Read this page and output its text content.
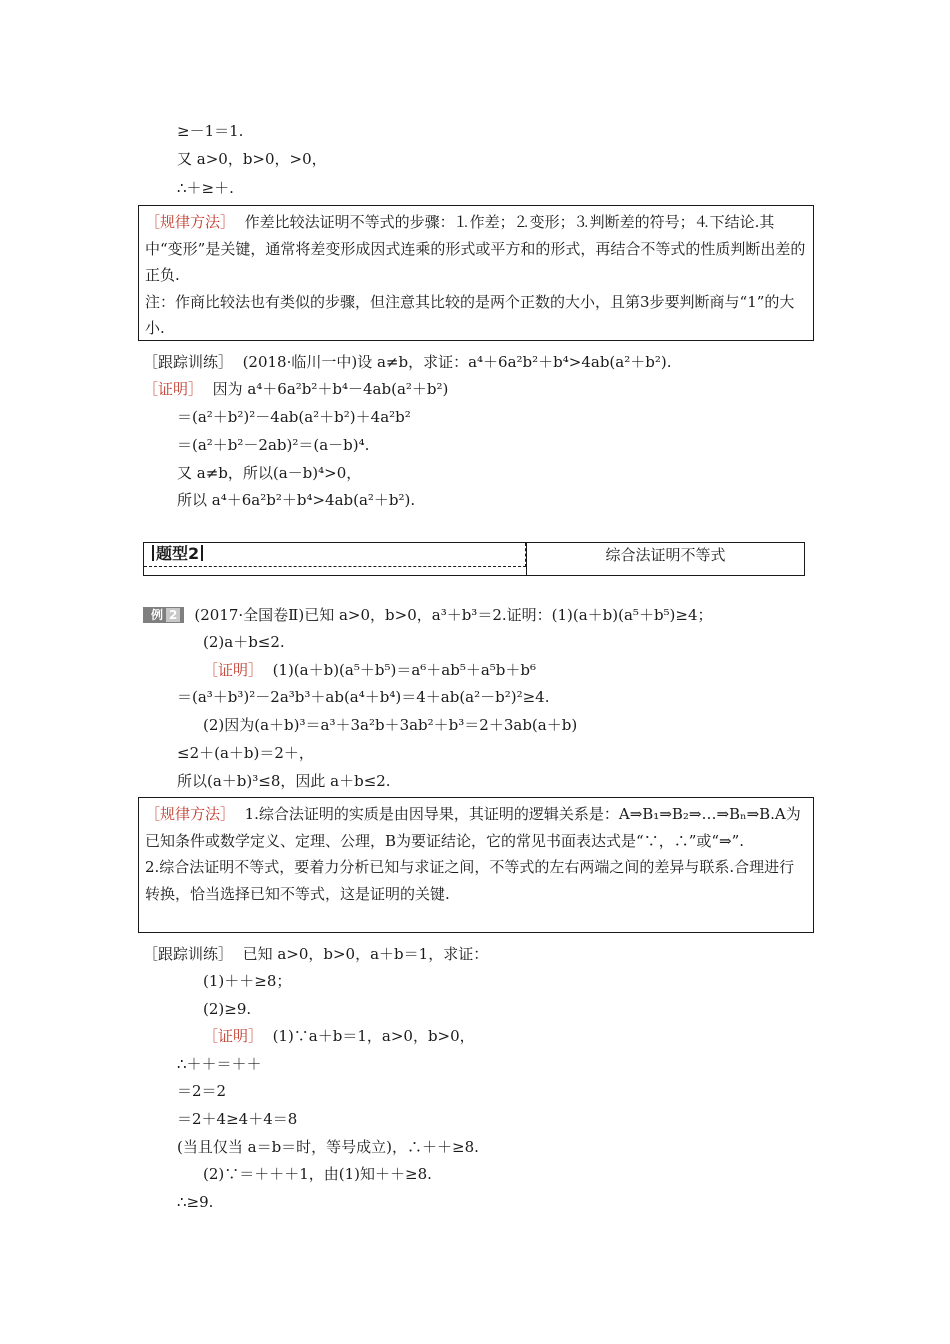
≥－1＝1.
又 a>0，b>0，>0，
∴＋≥＋.

［规律方法］ 作差比较法证明不等式的步骤：⒈作差；⒉变形；⒊判断差的符号；⒋下结论.其中“变形”是关键，通常将差变形成因式连乘的形式或平方和的形式，再结合不等式的性质判断出差的正负.

注：作商比较法也有类似的步骤，但注意其比较的是两个正数的大小，且第3步要判断商与“1”的大小.

［跟踪训练］ (2018·临川一中)设 a≠b，求证：a⁴＋6a²b²＋b⁴>4ab(a²＋b²).
［证明］ 因为 a⁴＋6a²b²＋b⁴－4ab(a²＋b²)
＝(a²＋b²)²－4ab(a²＋b²)＋4a²b²
＝(a²＋b²－2ab)²＝(a－b)⁴.
又 a≠b，所以(a－b)⁴>0，
所以 a⁴＋6a²b²＋b⁴>4ab(a²＋b²).
题型2	综合法证明不等式
例 2 (2017·全国卷Ⅱ)已知 a>0，b>0，a³＋b³＝2.证明：(1)(a＋b)(a⁵＋b⁵)≥4；
(2)a＋b≤2.
［证明］ (1)(a＋b)(a⁵＋b⁵)＝a⁶＋ab⁵＋a⁵b＋b⁶
＝(a³＋b³)²－2a³b³＋ab(a⁴＋b⁴)＝4＋ab(a²－b²)²≥4.
(2)因为(a＋b)³＝a³＋3a²b＋3ab²＋b³＝2＋3ab(a＋b)
≤2＋(a＋b)＝2＋，
所以(a＋b)³≤8，因此 a＋b≤2.

［规律方法］ 1.综合法证明的实质是由因导果，其证明的逻辑关系是：A⇒B₁⇒B₂⇒…⇒Bₙ⇒B.A为已知条件或数学定义、定理、公理，B为要证结论，它的常见书面表达式是“∵，∴”或“⇒”.

2.综合法证明不等式，要着力分析已知与求证之间，不等式的左右两端之间的差异与联系.合理进行转换，恰当选择已知不等式，这是证明的关键.

［跟踪训练］ 已知 a>0，b>0，a＋b＝1，求证：
(1)＋＋≥8；
(2)≥9.
［证明］ (1)∵a＋b＝1，a>0，b>0，
∴＋＋＝＋＋
＝2＝2
＝2＋4≥4＋4＝8
(当且仅当 a＝b＝时，等号成立)，∴＋＋≥8.
(2)∵＝＋＋＋1，由(1)知＋＋≥8.
∴≥9.
